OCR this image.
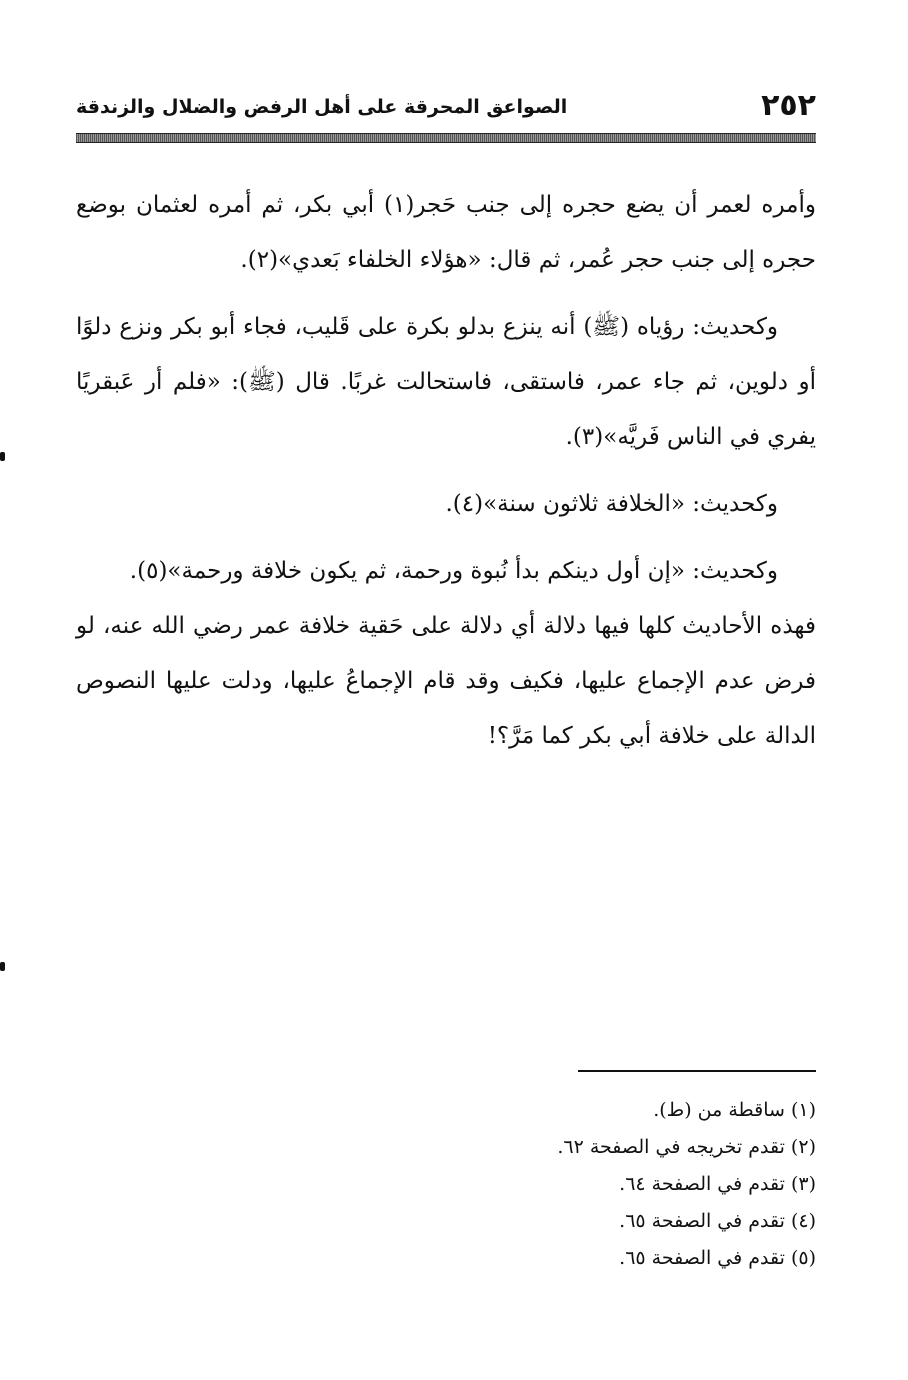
٢٥٢
الصواعق المحرقة على أهل الرفض والضلال والزندقة

وأمره لعمر أن يضع حجره إلى جنب حَجر(١) أبي بكر، ثم أمره لعثمان بوضع حجره إلى جنب حجر عُمر، ثم قال: «هؤلاء الخلفاء بَعدي»(٢).

وكحديث: رؤياه (ﷺ) أنه ينزع بدلو بكرة على قَليب، فجاء أبو بكر ونزع دلوًا أو دلوين، ثم جاء عمر، فاستقى، فاستحالت غربًا. قال (ﷺ): «فلم أر عَبقريًا يفري في الناس فَريَّه»(٣).

وكحديث: «الخلافة ثلاثون سنة»(٤).

وكحديث: «إن أول دينكم بدأ نُبوة ورحمة، ثم يكون خلافة ورحمة»(٥).

فهذه الأحاديث كلها فيها دلالة أي دلالة على حَقية خلافة عمر رضي الله عنه، لو فرض عدم الإجماع عليها، فكيف وقد قام الإجماعُ عليها، ودلت عليها النصوص الدالة على خلافة أبي بكر كما مَرَّ؟!

(١) ساقطة من (ط).
(٢) تقدم تخريجه في الصفحة ٦٢.
(٣) تقدم في الصفحة ٦٤.
(٤) تقدم في الصفحة ٦٥.
(٥) تقدم في الصفحة ٦٥.
